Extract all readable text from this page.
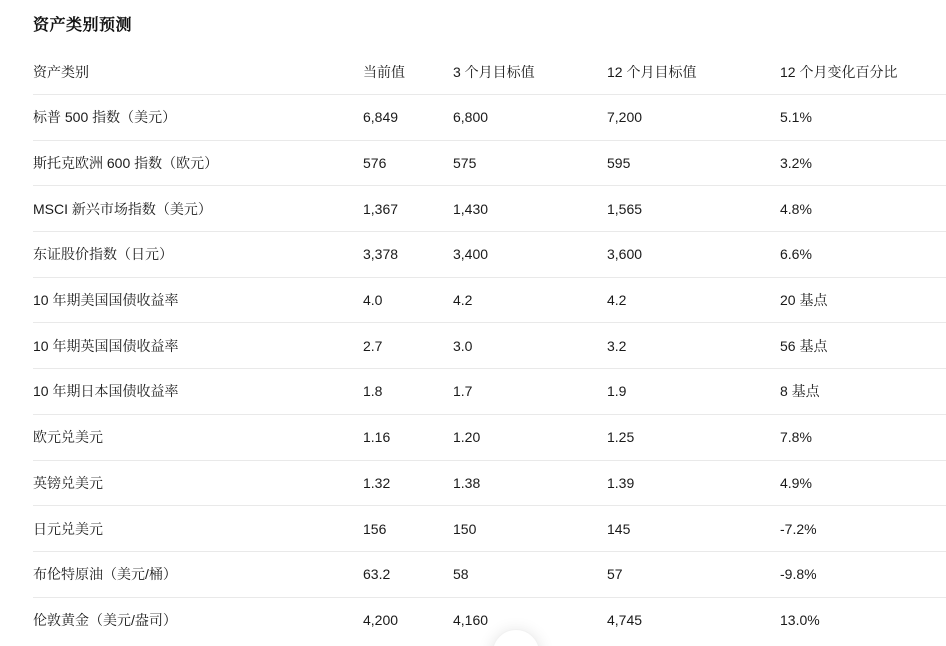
资产类别预测
资产类别	当前值	3 个月目标值	12 个月目标值	12 个月变化百分比
标普 500 指数（美元）	6,849	6,800	7,200	5.1%
斯托克欧洲 600 指数（欧元）	576	575	595	3.2%
MSCI 新兴市场指数（美元）	1,367	1,430	1,565	4.8%
东证股价指数（日元）	3,378	3,400	3,600	6.6%
10 年期美国国债收益率	4.0	4.2	4.2	20 基点
10 年期英国国债收益率	2.7	3.0	3.2	56 基点
10 年期日本国债收益率	1.8	1.7	1.9	8 基点
欧元兑美元	1.16	1.20	1.25	7.8%
英镑兑美元	1.32	1.38	1.39	4.9%
日元兑美元	156	150	145	-7.2%
布伦特原油（美元/桶）	63.2	58	57	-9.8%
伦敦黄金（美元/盎司）	4,200	4,160	4,745	13.0%
